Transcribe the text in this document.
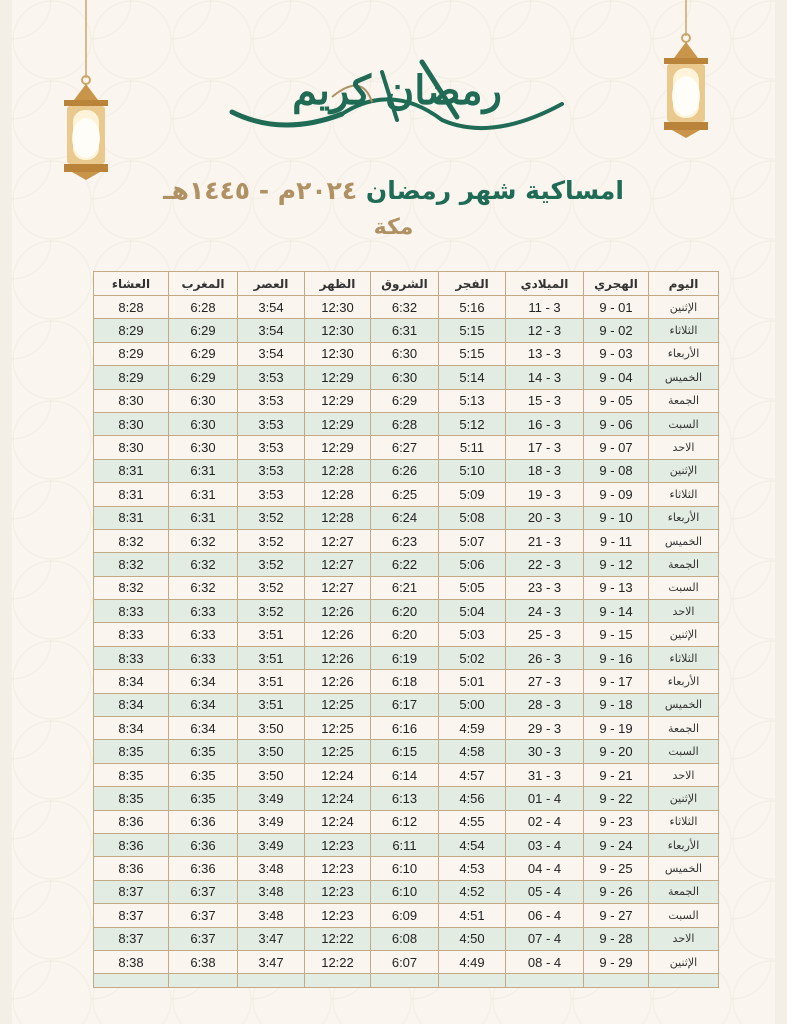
رمضان كريم
امساكية شهر رمضان ٢٠٢٤م - ١٤٤٥هـ
مكة
اليوم	الهجري	الميلادي	الفجر	الشروق	الظهر	العصر	المغرب	العشاء
الإثنين	9 - 01	11 - 3	5:16	6:32	12:30	3:54	6:28	8:28
الثلاثاء	9 - 02	12 - 3	5:15	6:31	12:30	3:54	6:29	8:29
الأربعاء	9 - 03	13 - 3	5:15	6:30	12:30	3:54	6:29	8:29
الخميس	9 - 04	14 - 3	5:14	6:30	12:29	3:53	6:29	8:29
الجمعة	9 - 05	15 - 3	5:13	6:29	12:29	3:53	6:30	8:30
السبت	9 - 06	16 - 3	5:12	6:28	12:29	3:53	6:30	8:30
الاحد	9 - 07	17 - 3	5:11	6:27	12:29	3:53	6:30	8:30
الإثنين	9 - 08	18 - 3	5:10	6:26	12:28	3:53	6:31	8:31
الثلاثاء	9 - 09	19 - 3	5:09	6:25	12:28	3:53	6:31	8:31
الأربعاء	9 - 10	20 - 3	5:08	6:24	12:28	3:52	6:31	8:31
الخميس	9 - 11	21 - 3	5:07	6:23	12:27	3:52	6:32	8:32
الجمعة	9 - 12	22 - 3	5:06	6:22	12:27	3:52	6:32	8:32
السبت	9 - 13	23 - 3	5:05	6:21	12:27	3:52	6:32	8:32
الاحد	9 - 14	24 - 3	5:04	6:20	12:26	3:52	6:33	8:33
الإثنين	9 - 15	25 - 3	5:03	6:20	12:26	3:51	6:33	8:33
الثلاثاء	9 - 16	26 - 3	5:02	6:19	12:26	3:51	6:33	8:33
الأربعاء	9 - 17	27 - 3	5:01	6:18	12:26	3:51	6:34	8:34
الخميس	9 - 18	28 - 3	5:00	6:17	12:25	3:51	6:34	8:34
الجمعة	9 - 19	29 - 3	4:59	6:16	12:25	3:50	6:34	8:34
السبت	9 - 20	30 - 3	4:58	6:15	12:25	3:50	6:35	8:35
الاحد	9 - 21	31 - 3	4:57	6:14	12:24	3:50	6:35	8:35
الإثنين	9 - 22	01 - 4	4:56	6:13	12:24	3:49	6:35	8:35
الثلاثاء	9 - 23	02 - 4	4:55	6:12	12:24	3:49	6:36	8:36
الأربعاء	9 - 24	03 - 4	4:54	6:11	12:23	3:49	6:36	8:36
الخميس	9 - 25	04 - 4	4:53	6:10	12:23	3:48	6:36	8:36
الجمعة	9 - 26	05 - 4	4:52	6:10	12:23	3:48	6:37	8:37
السبت	9 - 27	06 - 4	4:51	6:09	12:23	3:48	6:37	8:37
الاحد	9 - 28	07 - 4	4:50	6:08	12:22	3:47	6:37	8:37
الإثنين	9 - 29	08 - 4	4:49	6:07	12:22	3:47	6:38	8:38
